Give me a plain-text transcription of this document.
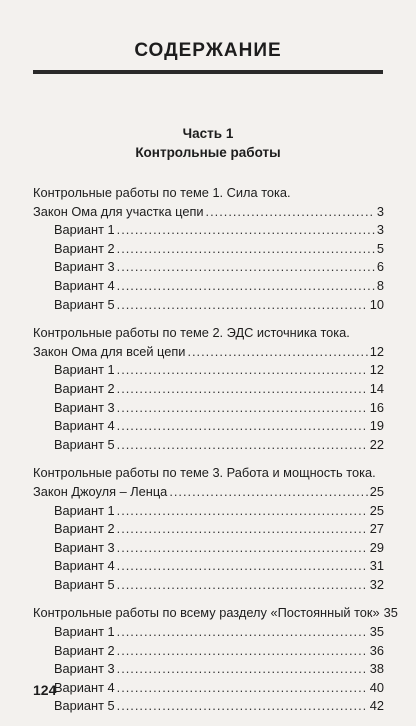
СОДЕРЖАНИЕ
Часть 1
Контрольные работы
Контрольные работы по теме 1. Сила тока.
Закон Ома для участка цепи .....	3
Вариант 1 .....	3
Вариант 2 .....	5
Вариант 3 .....	6
Вариант 4 .....	8
Вариант 5 .....	10
Контрольные работы по теме 2. ЭДС источника тока.
Закон Ома для всей цепи .....	12
Вариант 1 .....	12
Вариант 2 .....	14
Вариант 3 .....	16
Вариант 4 .....	19
Вариант 5 .....	22
Контрольные работы по теме 3. Работа и мощность тока.
Закон Джоуля – Ленца .....	25
Вариант 1 .....	25
Вариант 2 .....	27
Вариант 3 .....	29
Вариант 4 .....	31
Вариант 5 .....	32
Контрольные работы по всему разделу «Постоянный ток» 35
Вариант 1 .....	35
Вариант 2 .....	36
Вариант 3 .....	38
Вариант 4 .....	40
Вариант 5 .....	42
124
